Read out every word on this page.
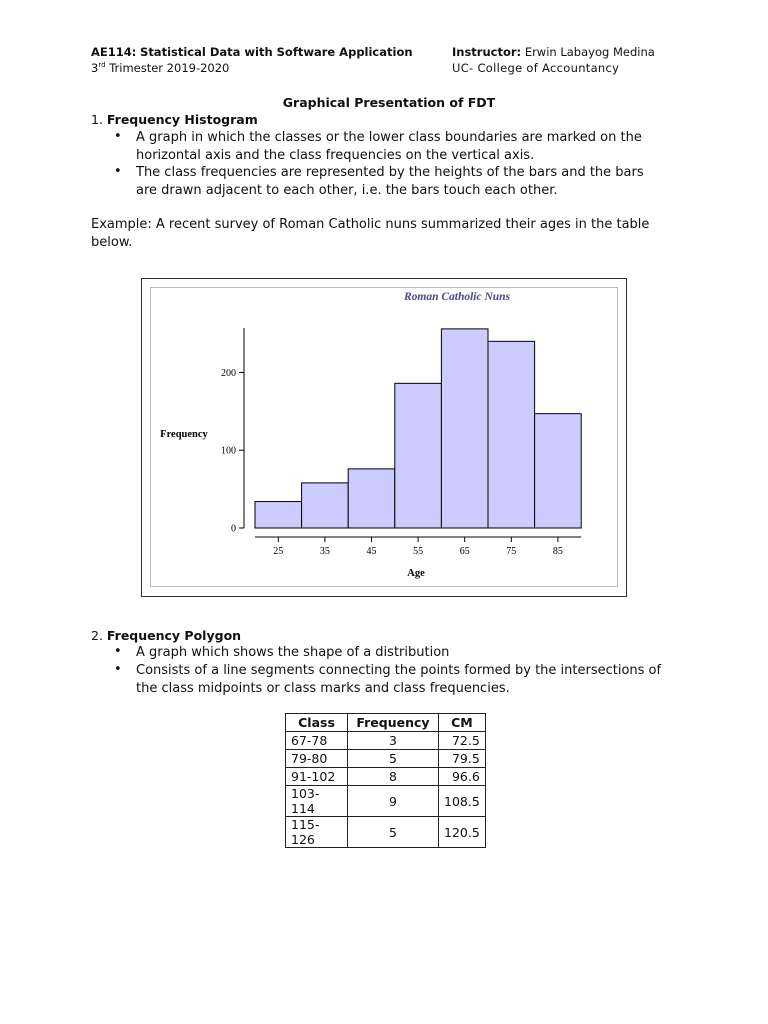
AE114: Statistical Data with Software Application
3rd Trimester 2019-2020
Instructor: Erwin Labayog Medina
UC- College of Accountancy
Graphical Presentation of FDT
1. Frequency Histogram
• A graph in which the classes or the lower class boundaries are marked on the
horizontal axis and the class frequencies on the vertical axis.
• The class frequencies are represented by the heights of the bars and the bars
are drawn adjacent to each other, i.e. the bars touch each other.
Example: A recent survey of Roman Catholic nuns summarized their ages in the table
below.
Roman Catholic Nuns
Frequency
Age
0
100
200
25	35	45	55	65	75	85
2. Frequency Polygon
• A graph which shows the shape of a distribution
• Consists of a line segments connecting the points formed by the intersections of
the class midpoints or class marks and class frequencies.
Class	Frequency	CM
67-78	3	72.5
79-80	5	79.5
91-102	8	96.6
103-114	9	108.5
115-126	5	120.5
